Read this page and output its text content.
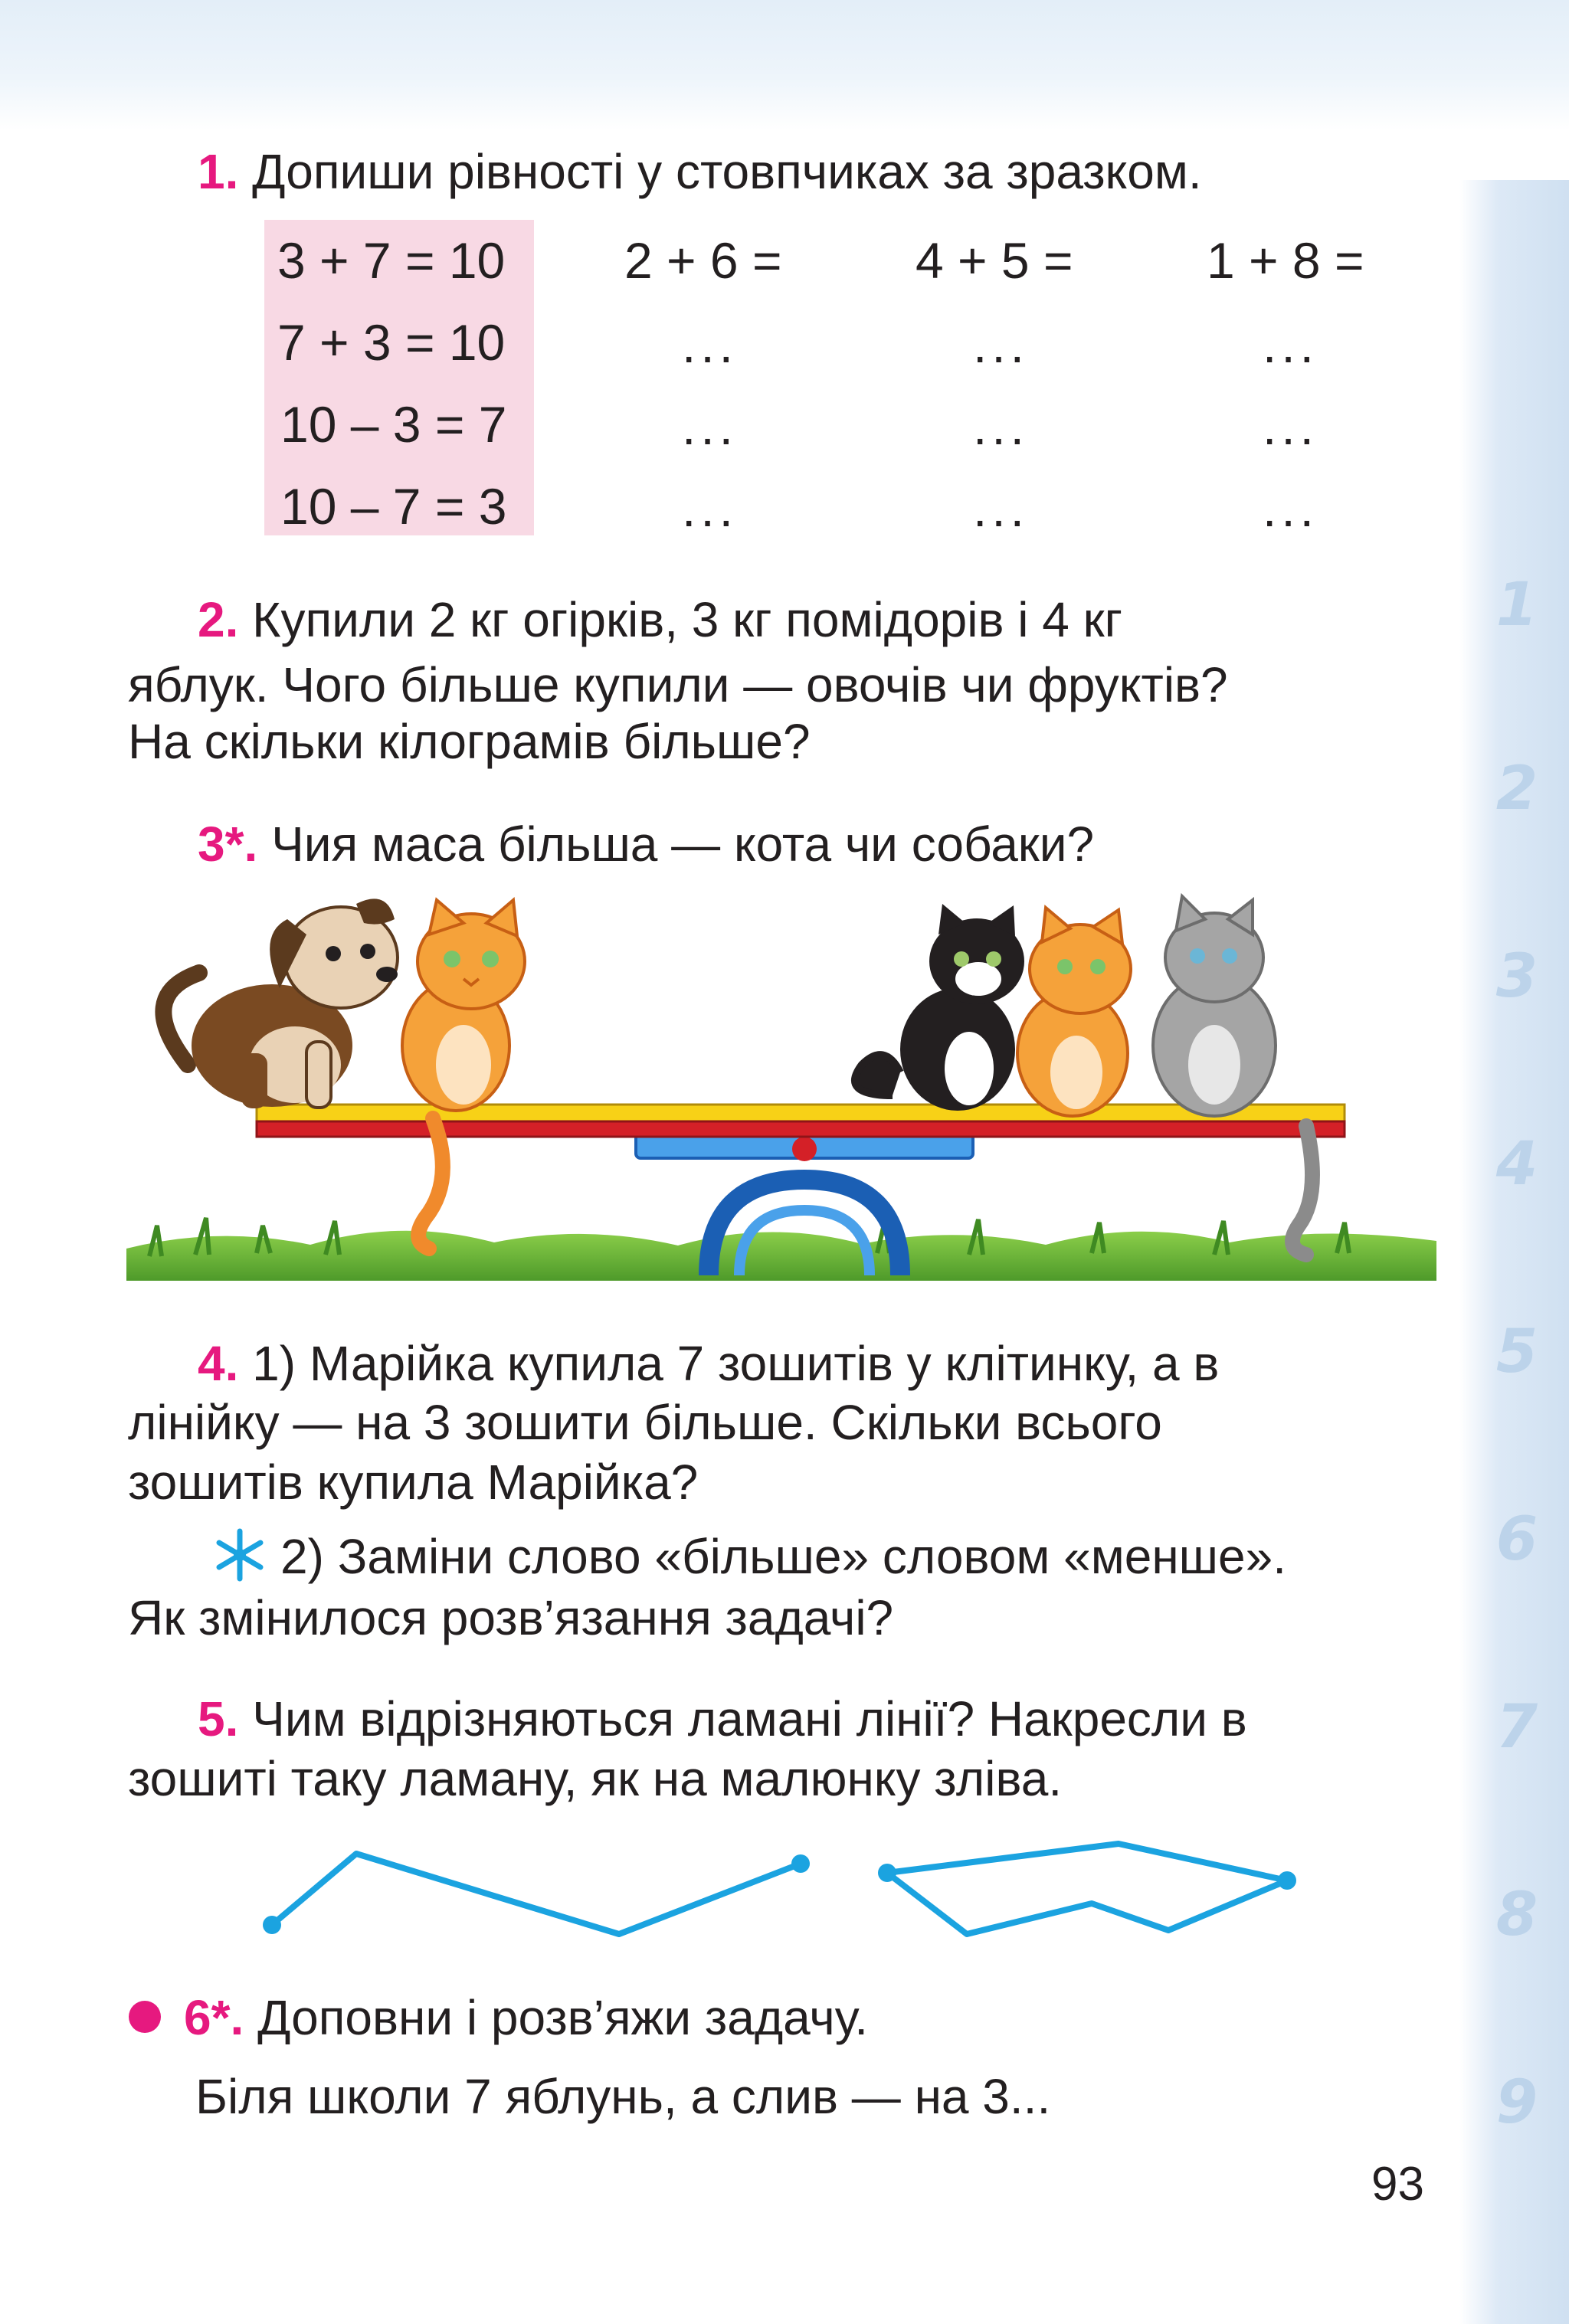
1
2
3
4
5
6
7
8
9
1. Допиши рівності у стовпчиках за зразком.
3 + 7 = 10
7 + 3 = 10
10 – 3 = 7
10 – 7 = 3
2 + 6 =	4 + 5 =	1 + 8 =
...
...
...
...
...
...
...
...
...
2. Купили 2 кг огірків, 3 кг помідорів і 4 кг
яблук. Чого більше купили — овочів чи фруктів?
На скільки кілограмів більше?
3*. Чия маса більша — кота чи собаки?
4. 1) Марійка купила 7 зошитів у клітинку, а в
лінійку — на 3 зошити більше. Скільки всього
зошитів купила Марійка?
2) Заміни слово «більше» словом «менше».
Як змінилося розв’язання задачі?
5. Чим відрізняються ламані лінії? Накресли в
зошиті таку ламану, як на малюнку зліва.
6*. Доповни і розв’яжи задачу.
Біля школи 7 яблунь, а слив — на 3...
93
